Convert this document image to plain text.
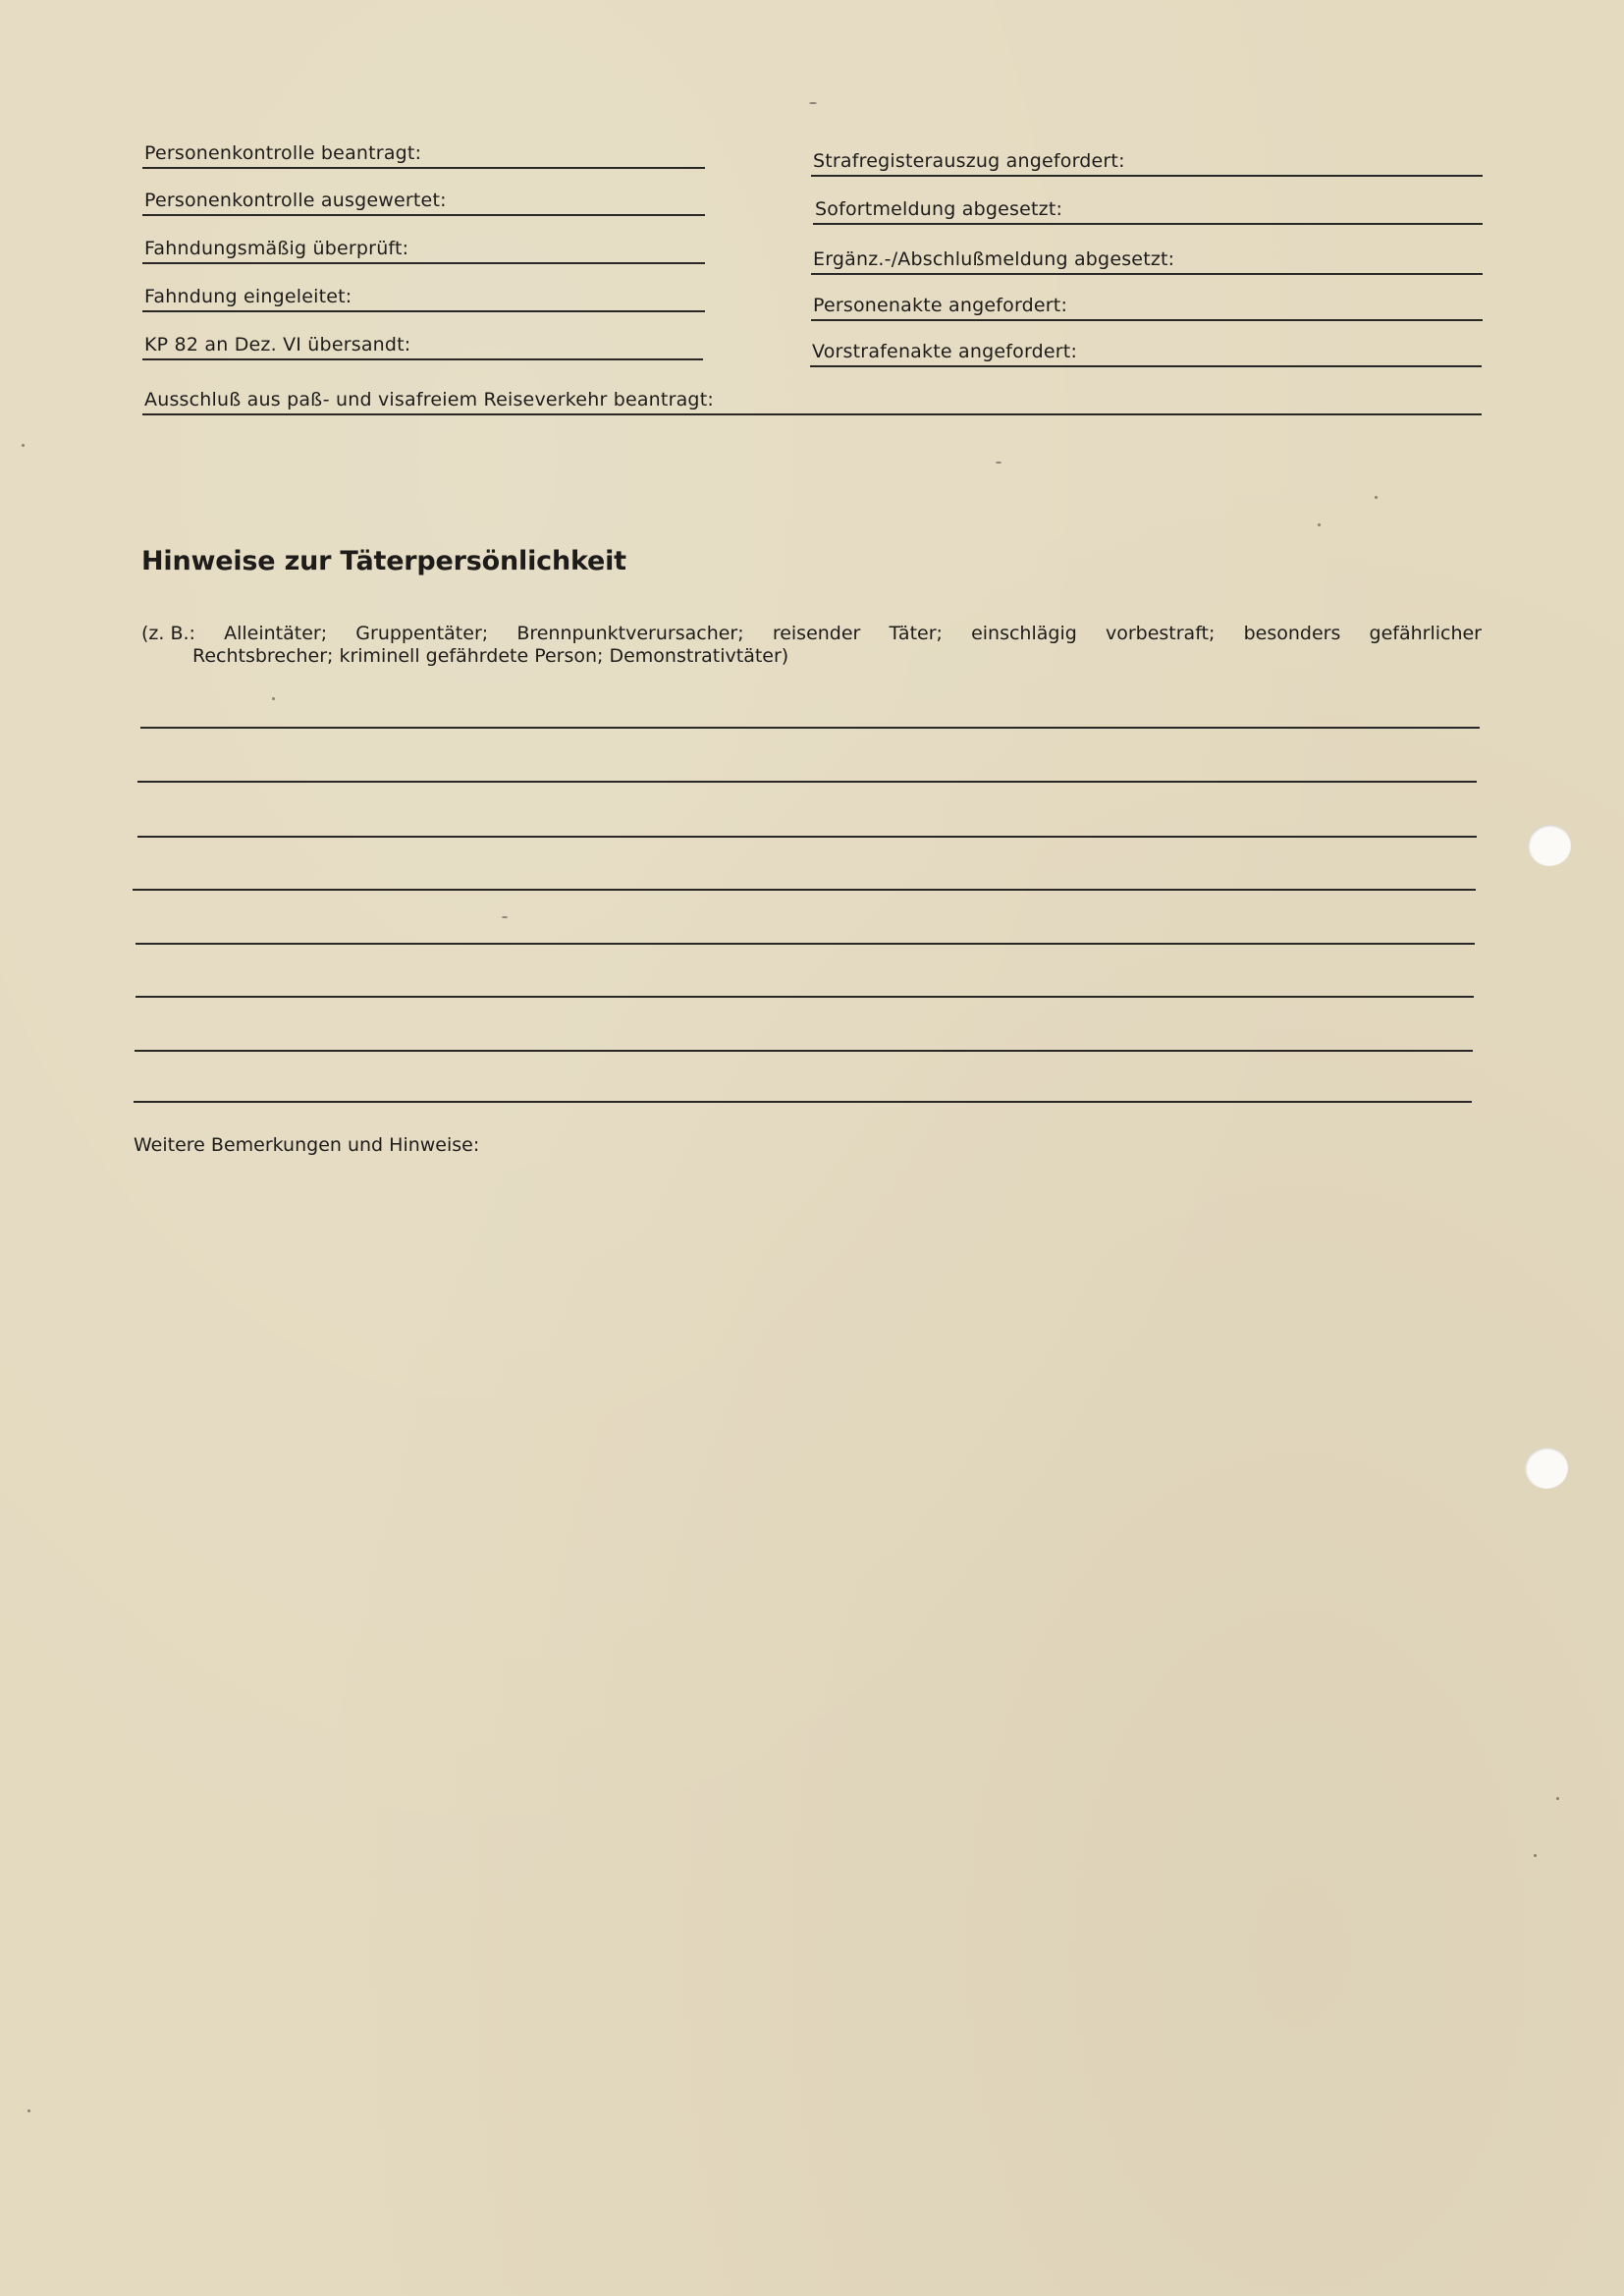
Personenkontrolle beantragt:
Personenkontrolle ausgewertet:
Fahndungsmäßig überprüft:
Fahndung eingeleitet:
KP 82 an Dez. VI übersandt:
Strafregisterauszug angefordert:
Sofortmeldung abgesetzt:
Ergänz.-/Abschlußmeldung abgesetzt:
Personenakte angefordert:
Vorstrafenakte angefordert:
Ausschluß aus paß- und visafreiem Reiseverkehr beantragt:
Hinweise zur Täterpersönlichkeit
(z. B.: Alleintäter; Gruppentäter; Brennpunktverursacher; reisender Täter; einschlägig vorbestraft; besonders gefährlicher
Rechtsbrecher; kriminell gefährdete Person; Demonstrativtäter)
Weitere Bemerkungen und Hinweise:
